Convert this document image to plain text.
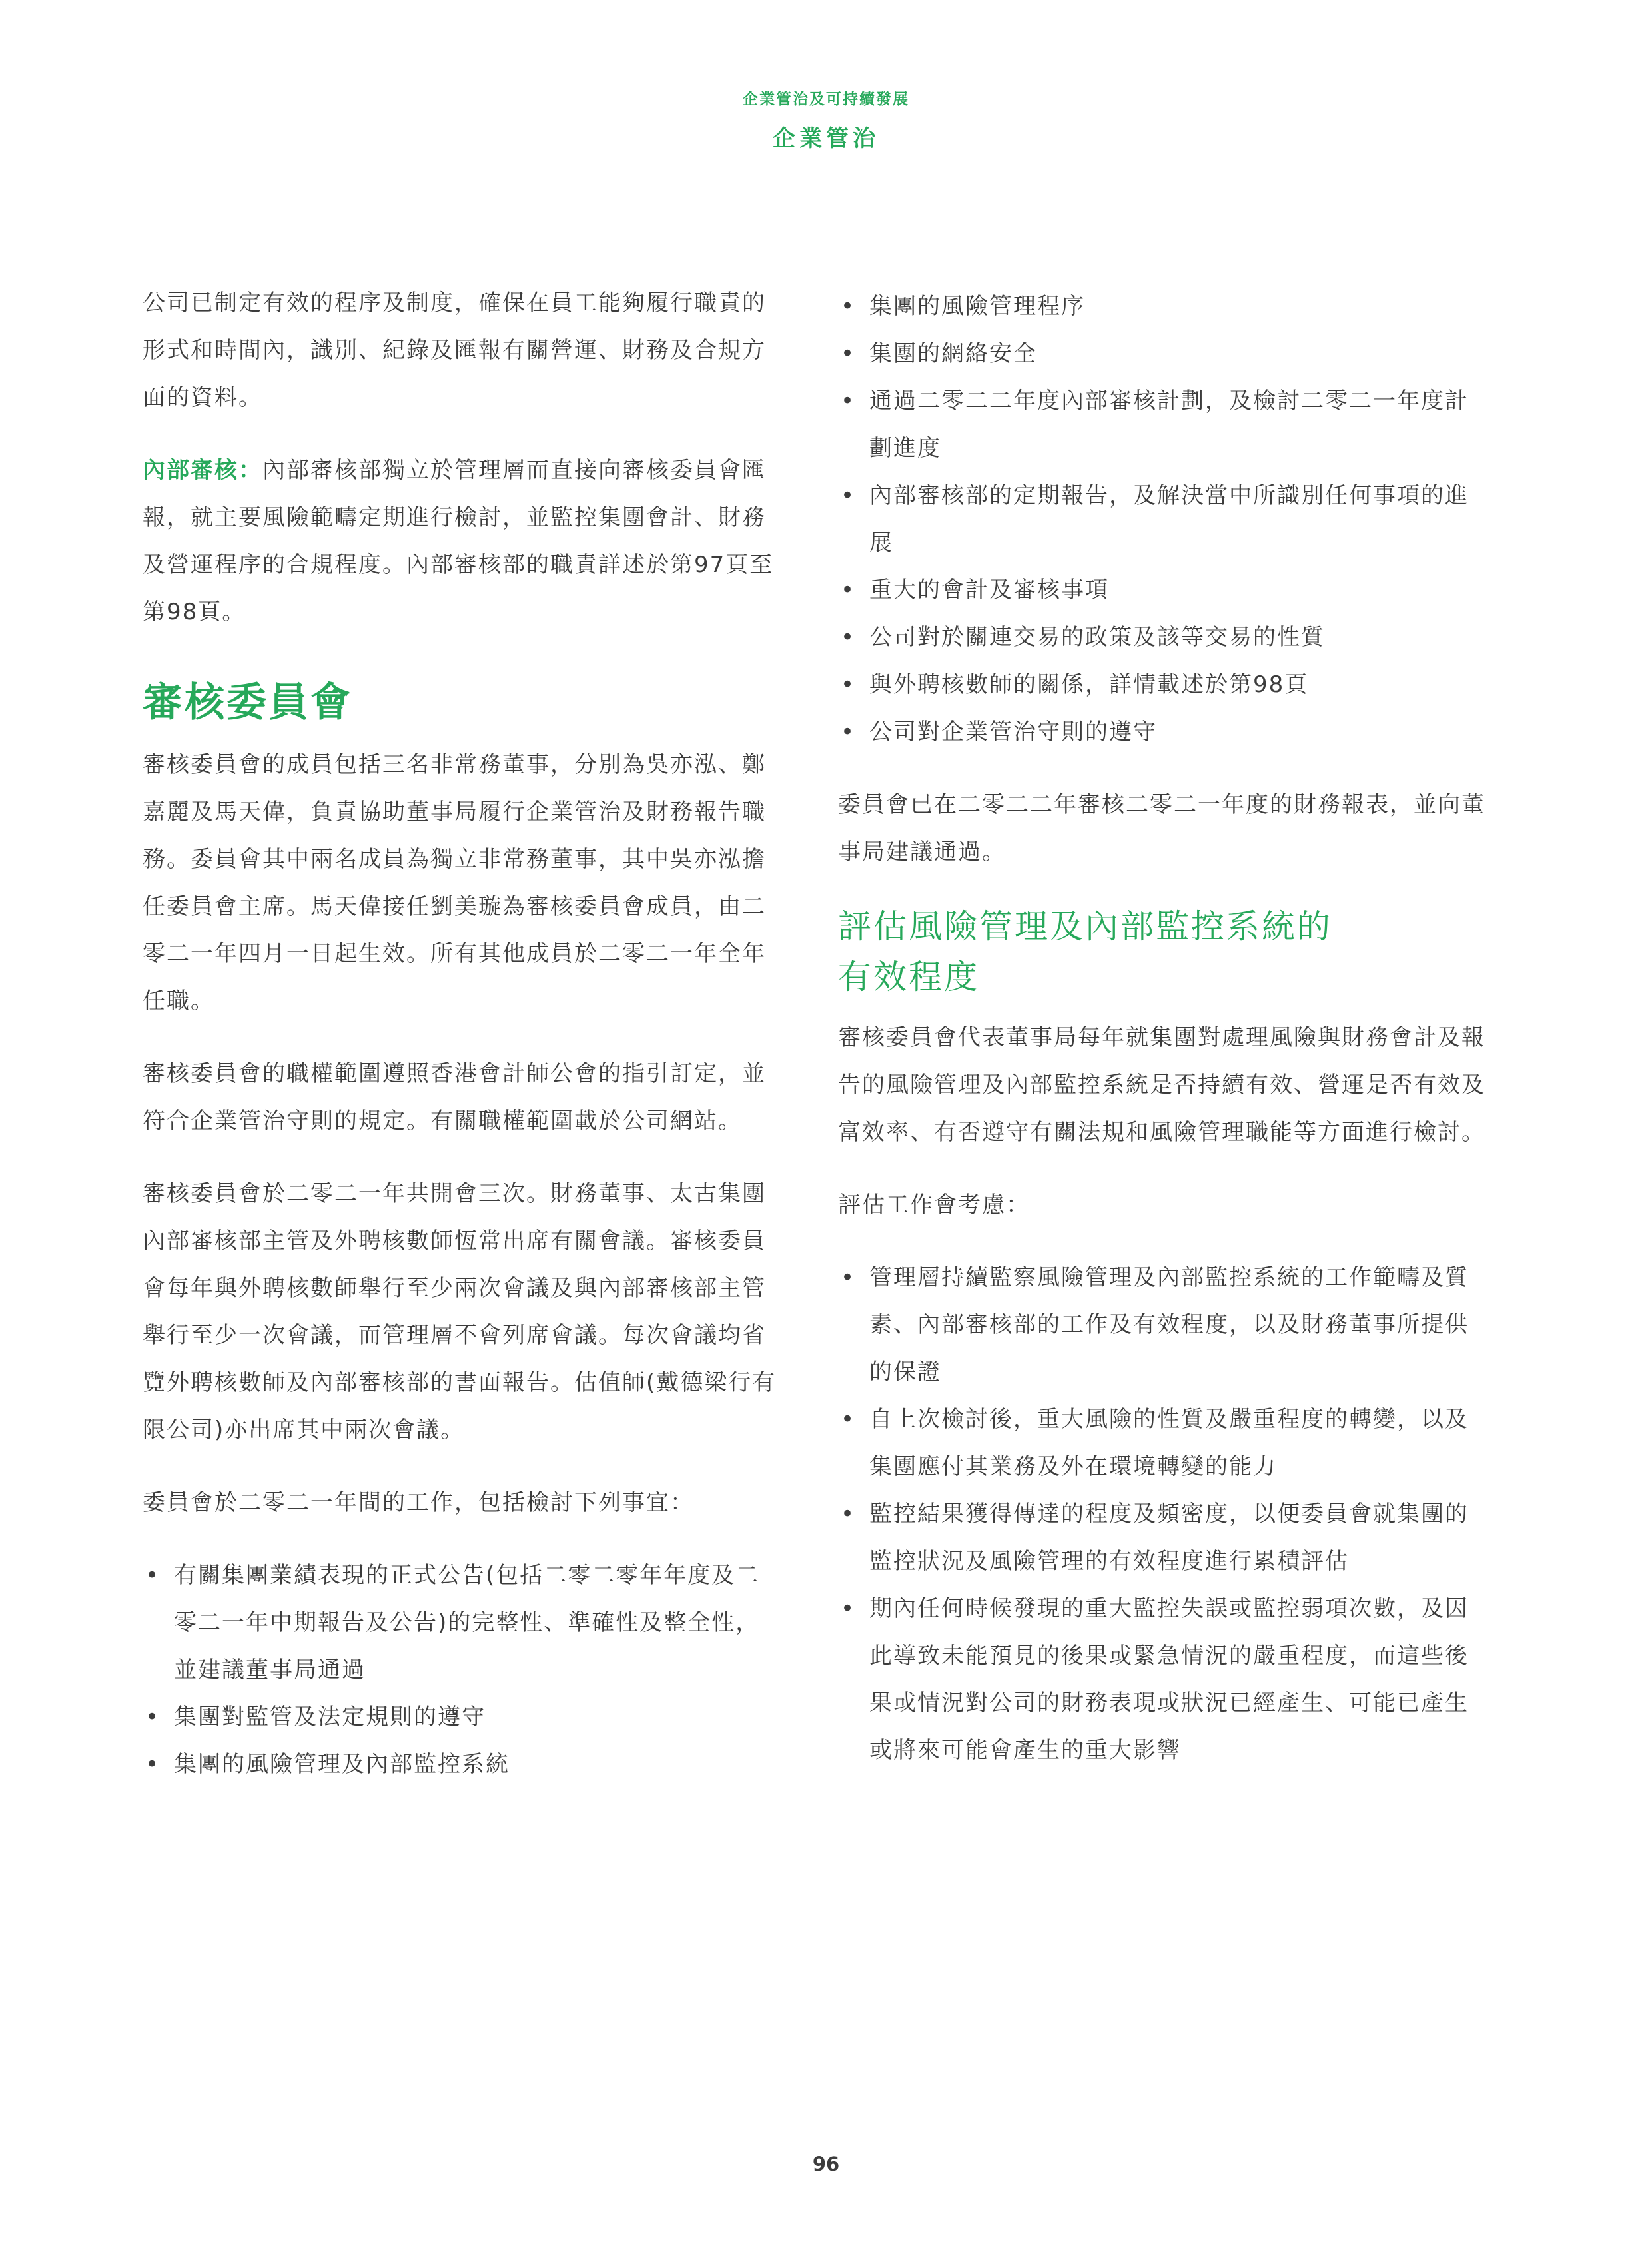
企業管治及可持續發展
企業管治

公司已制定有效的程序及制度，確保在員工能夠履行職責的形式和時間內，識別、紀錄及匯報有關營運、財務及合規方面的資料。

內部審核：內部審核部獨立於管理層而直接向審核委員會匯報，就主要風險範疇定期進行檢討，並監控集團會計、財務及營運程序的合規程度。內部審核部的職責詳述於第97頁至第98頁。

審核委員會

審核委員會的成員包括三名非常務董事，分別為吳亦泓、鄭嘉麗及馬天偉，負責協助董事局履行企業管治及財務報告職務。委員會其中兩名成員為獨立非常務董事，其中吳亦泓擔任委員會主席。馬天偉接任劉美璇為審核委員會成員，由二零二一年四月一日起生效。所有其他成員於二零二一年全年任職。

審核委員會的職權範圍遵照香港會計師公會的指引訂定，並符合企業管治守則的規定。有關職權範圍載於公司網站。

審核委員會於二零二一年共開會三次。財務董事、太古集團內部審核部主管及外聘核數師恆常出席有關會議。審核委員會每年與外聘核數師舉行至少兩次會議及與內部審核部主管舉行至少一次會議，而管理層不會列席會議。每次會議均省覽外聘核數師及內部審核部的書面報告。估值師(戴德梁行有限公司)亦出席其中兩次會議。

委員會於二零二一年間的工作，包括檢討下列事宜：

• 有關集團業績表現的正式公告(包括二零二零年年度及二零二一年中期報告及公告)的完整性、準確性及整全性，並建議董事局通過
• 集團對監管及法定規則的遵守
• 集團的風險管理及內部監控系統
• 集團的風險管理程序
• 集團的網絡安全
• 通過二零二二年度內部審核計劃，及檢討二零二一年度計劃進度
• 內部審核部的定期報告，及解決當中所識別任何事項的進展
• 重大的會計及審核事項
• 公司對於關連交易的政策及該等交易的性質
• 與外聘核數師的關係，詳情載述於第98頁
• 公司對企業管治守則的遵守

委員會已在二零二二年審核二零二一年度的財務報表，並向董事局建議通過。

評估風險管理及內部監控系統的
有效程度

審核委員會代表董事局每年就集團對處理風險與財務會計及報告的風險管理及內部監控系統是否持續有效、營運是否有效及富效率、有否遵守有關法規和風險管理職能等方面進行檢討。

評估工作會考慮：

• 管理層持續監察風險管理及內部監控系統的工作範疇及質素、內部審核部的工作及有效程度，以及財務董事所提供的保證
• 自上次檢討後，重大風險的性質及嚴重程度的轉變，以及集團應付其業務及外在環境轉變的能力
• 監控結果獲得傳達的程度及頻密度，以便委員會就集團的監控狀況及風險管理的有效程度進行累積評估
• 期內任何時候發現的重大監控失誤或監控弱項次數，及因此導致未能預見的後果或緊急情況的嚴重程度，而這些後果或情況對公司的財務表現或狀況已經產生、可能已產生或將來可能會產生的重大影響
96
